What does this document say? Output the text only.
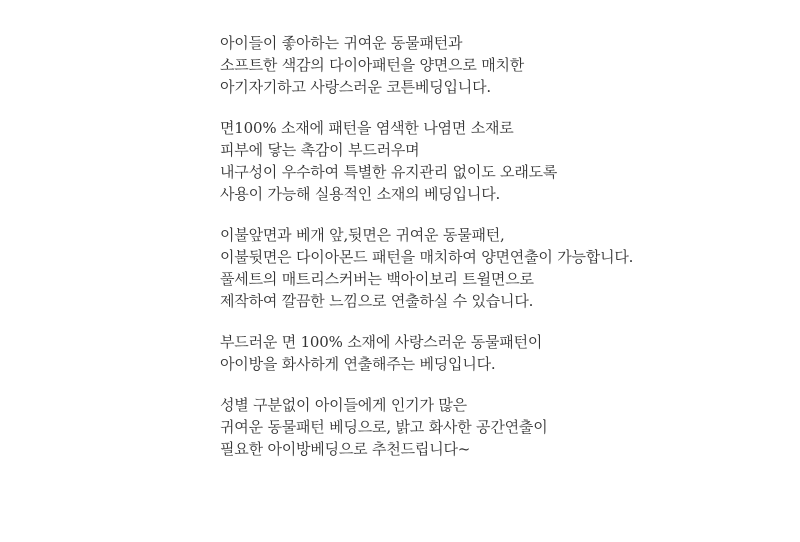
아이들이 좋아하는 귀여운 동물패턴과
소프트한 색감의 다이아패턴을 양면으로 매치한
아기자기하고 사랑스러운 코튼베딩입니다.
면100% 소재에 패턴을 염색한 나염면 소재로
피부에 닿는 촉감이 부드러우며
내구성이 우수하여 특별한 유지관리 없이도 오래도록
사용이 가능해 실용적인 소재의 베딩입니다.
이불앞면과 베개 앞,뒷면은 귀여운 동물패턴,
이불뒷면은 다이아몬드 패턴을 매치하여 양면연출이 가능합니다.
풀세트의 매트리스커버는 백아이보리 트윌면으로
제작하여 깔끔한 느낌으로 연출하실 수 있습니다.
부드러운 면 100% 소재에 사랑스러운 동물패턴이
아이방을 화사하게 연출해주는 베딩입니다.
성별 구분없이 아이들에게 인기가 많은
귀여운 동물패턴 베딩으로, 밝고 화사한 공간연출이
필요한 아이방베딩으로 추천드립니다~
